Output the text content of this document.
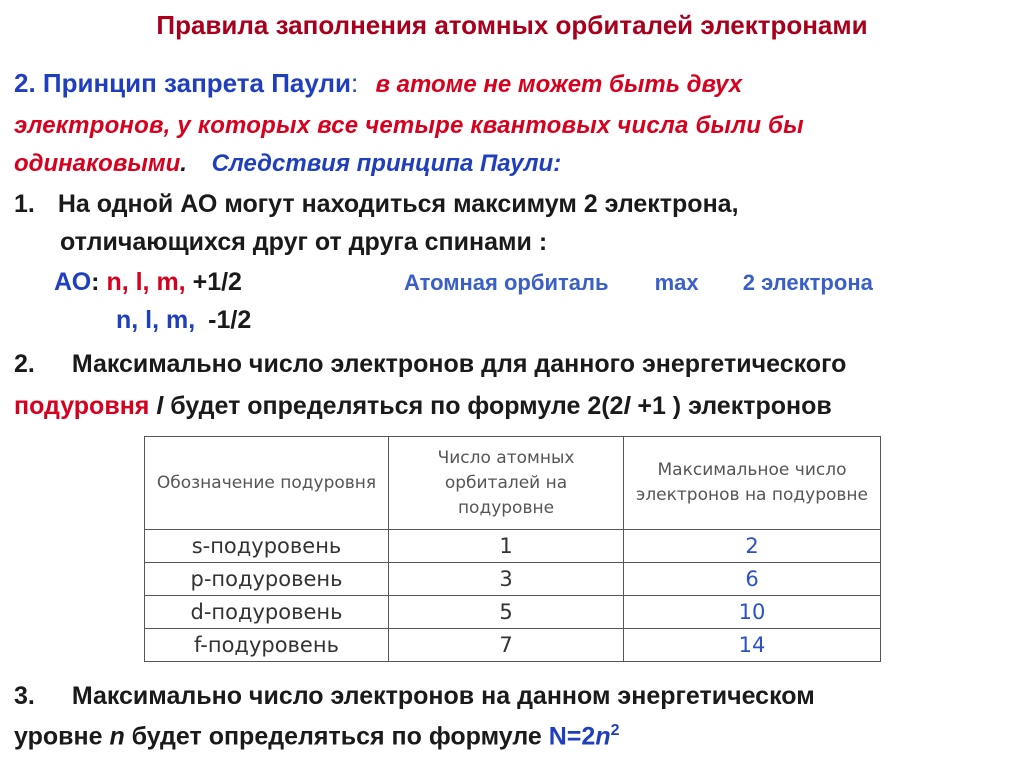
Правила заполнения атомных орбиталей электронами
2. Принцип запрета Паули: в атоме не может быть двух
электронов, у которых все четыре квантовых числа были бы
одинаковыми. Следствия принципа Паули:
1. На одной АО могут находиться максимум 2 электрона,
отличающихся друг от друга спинами :
АО: n, l, m, +1/2
n, l, m, -1/2
Атомная орбиталь max 2 электрона
2. Максимально число электронов для данного энергетического
подуровня l будет определяться по формуле 2(2l +1 ) электронов
Обозначение подуровня	Число атомных орбиталей на подуровне	Максимальное число электронов на подуровне
s-подуровень	1	2
p-подуровень	3	6
d-подуровень	5	10
f-подуровень	7	14
3. Максимально число электронов на данном энергетическом
уровне n будет определяться по формуле $N=2n^2$
